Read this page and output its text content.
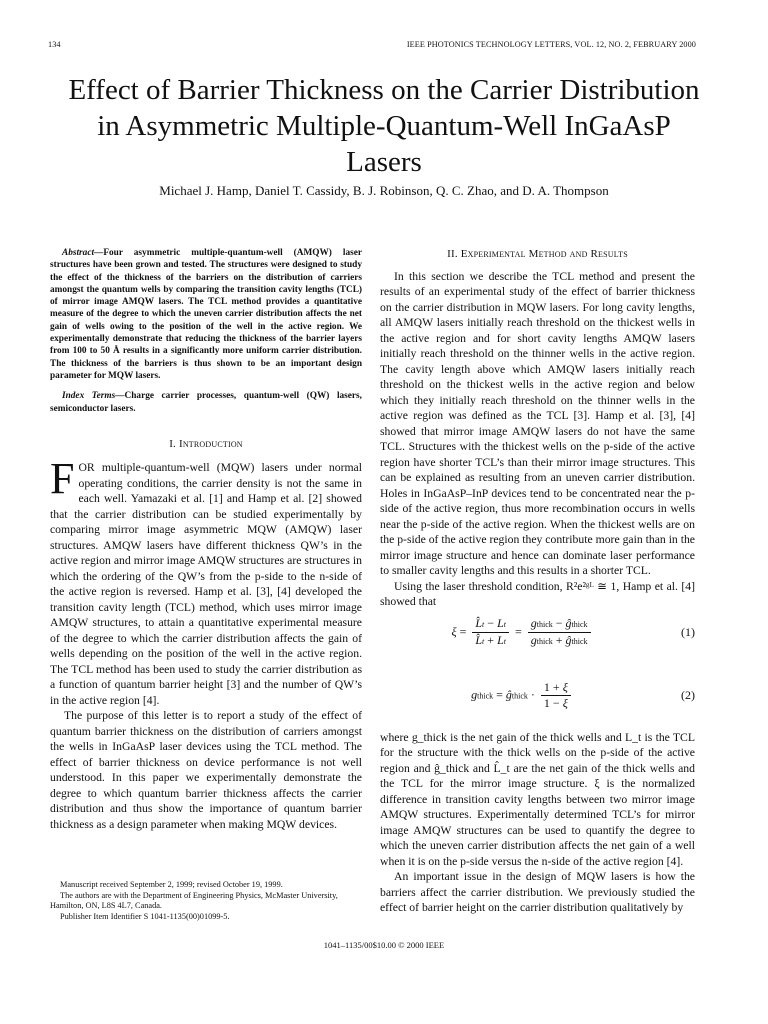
134	IEEE PHOTONICS TECHNOLOGY LETTERS, VOL. 12, NO. 2, FEBRUARY 2000
Effect of Barrier Thickness on the Carrier Distribution
in Asymmetric Multiple-Quantum-Well InGaAsP
Lasers
Michael J. Hamp, Daniel T. Cassidy, B. J. Robinson, Q. C. Zhao, and D. A. Thompson

Abstract—Four asymmetric multiple-quantum-well (AMQW) laser structures have been grown and tested. The structures were designed to study the effect of the thickness of the barriers on the distribution of carriers amongst the quantum wells by comparing the transition cavity lengths (TCL) of mirror image AMQW lasers. The TCL method provides a quantitative measure of the degree to which the uneven carrier distribution affects the net gain of wells owing to the position of the well in the active region. We experimentally demonstrate that reducing the thickness of the barrier layers from 100 to 50 Å results in a significantly more uniform carrier distribution. The thickness of the barriers is thus shown to be an important design parameter for MQW lasers.

Index Terms—Charge carrier processes, quantum-well (QW) lasers, semiconductor lasers.

I. Introduction
F OR multiple-quantum-well (MQW) lasers under normal operating conditions, the carrier density is not the same in each well. Yamazaki et al. [1] and Hamp et al. [2] showed that the carrier distribution can be studied experimentally by comparing mirror image asymmetric MQW (AMQW) laser structures. AMQW lasers have different thickness QW’s in the active region and mirror image AMQW structures are structures in which the ordering of the QW’s from the p-side to the n-side of the active region is reversed. Hamp et al. [3], [4] developed the transition cavity length (TCL) method, which uses mirror image AMQW structures, to attain a quantitative experimental measure of the degree to which the carrier distribution affects the gain of wells depending on the position of the well in the active region. The TCL method has been used to study the carrier distribution as a function of quantum barrier height [3] and the number of QW’s in the active region [4].

The purpose of this letter is to report a study of the effect of quantum barrier thickness on the distribution of carriers amongst the wells in InGaAsP laser devices using the TCL method. The effect of barrier thickness on device performance is not well understood. In this paper we experimentally demonstrate the degree to which quantum barrier thickness affects the carrier distribution and thus show the importance of quantum barrier thickness as a design parameter when making MQW devices.

Manuscript received September 2, 1999; revised October 19, 1999.

The authors are with the Department of Engineering Physics, McMaster University, Hamilton, ON, L8S 4L7, Canada.

Publisher Item Identifier S 1041-1135(00)01099-5.

II. Experimental Method and Results

In this section we describe the TCL method and present the results of an experimental study of the effect of barrier thickness on the carrier distribution in MQW lasers. For long cavity lengths, all AMQW lasers initially reach threshold on the thickest wells in the active region and for short cavity lengths AMQW lasers initially reach threshold on the thinner wells in the active region. The cavity length above which AMQW lasers initially reach threshold on the thickest wells in the active region and below which they initially reach threshold on the thinner wells in the active region was defined as the TCL [3]. Hamp et al. [3], [4] showed that mirror image AMQW lasers do not have the same TCL. Structures with the thickest wells on the p-side of the active region have shorter TCL’s than their mirror image structures. This can be explained as resulting from an uneven carrier distribution. Holes in InGaAsP–InP devices tend to be concentrated near the p-side of the active region, thus more recombination occurs in wells near the p-side of the active region. When the thickest wells are on the p-side of the active region they contribute more gain than in the mirror image structure and hence can dominate laser performance to smaller cavity lengths and this results in a shorter TCL.

Using the laser threshold condition, R²e²ᵍᴸ ≅ 1, Hamp et al. [4] showed that

$\xi = \frac{L̂t - Lt}{L̂t + Lt} = \frac{\text{gthick − ĝthick}}{\text{gthick + ĝthick}}$	(1)
gthick = ĝthick · $\frac{1 + \xi}{1 - \xi}$	(2)

where g_thick is the net gain of the thick wells and L_t is the TCL for the structure with the thick wells on the p-side of the active region and ĝ_thick and L̂_t are the net gain of the thick wells and the TCL for the mirror image structure. ξ is the normalized difference in transition cavity lengths between two mirror image AMQW structures. Experimentally determined TCL’s for mirror image AMQW structures can be used to quantify the degree to which the uneven carrier distribution affects the net gain of a well when it is on the p-side versus the n-side of the active region [4].

An important issue in the design of MQW lasers is how the barriers affect the carrier distribution. We previously studied the effect of barrier height on the carrier distribution qualitatively by

1041–1135/00$10.00 © 2000 IEEE
